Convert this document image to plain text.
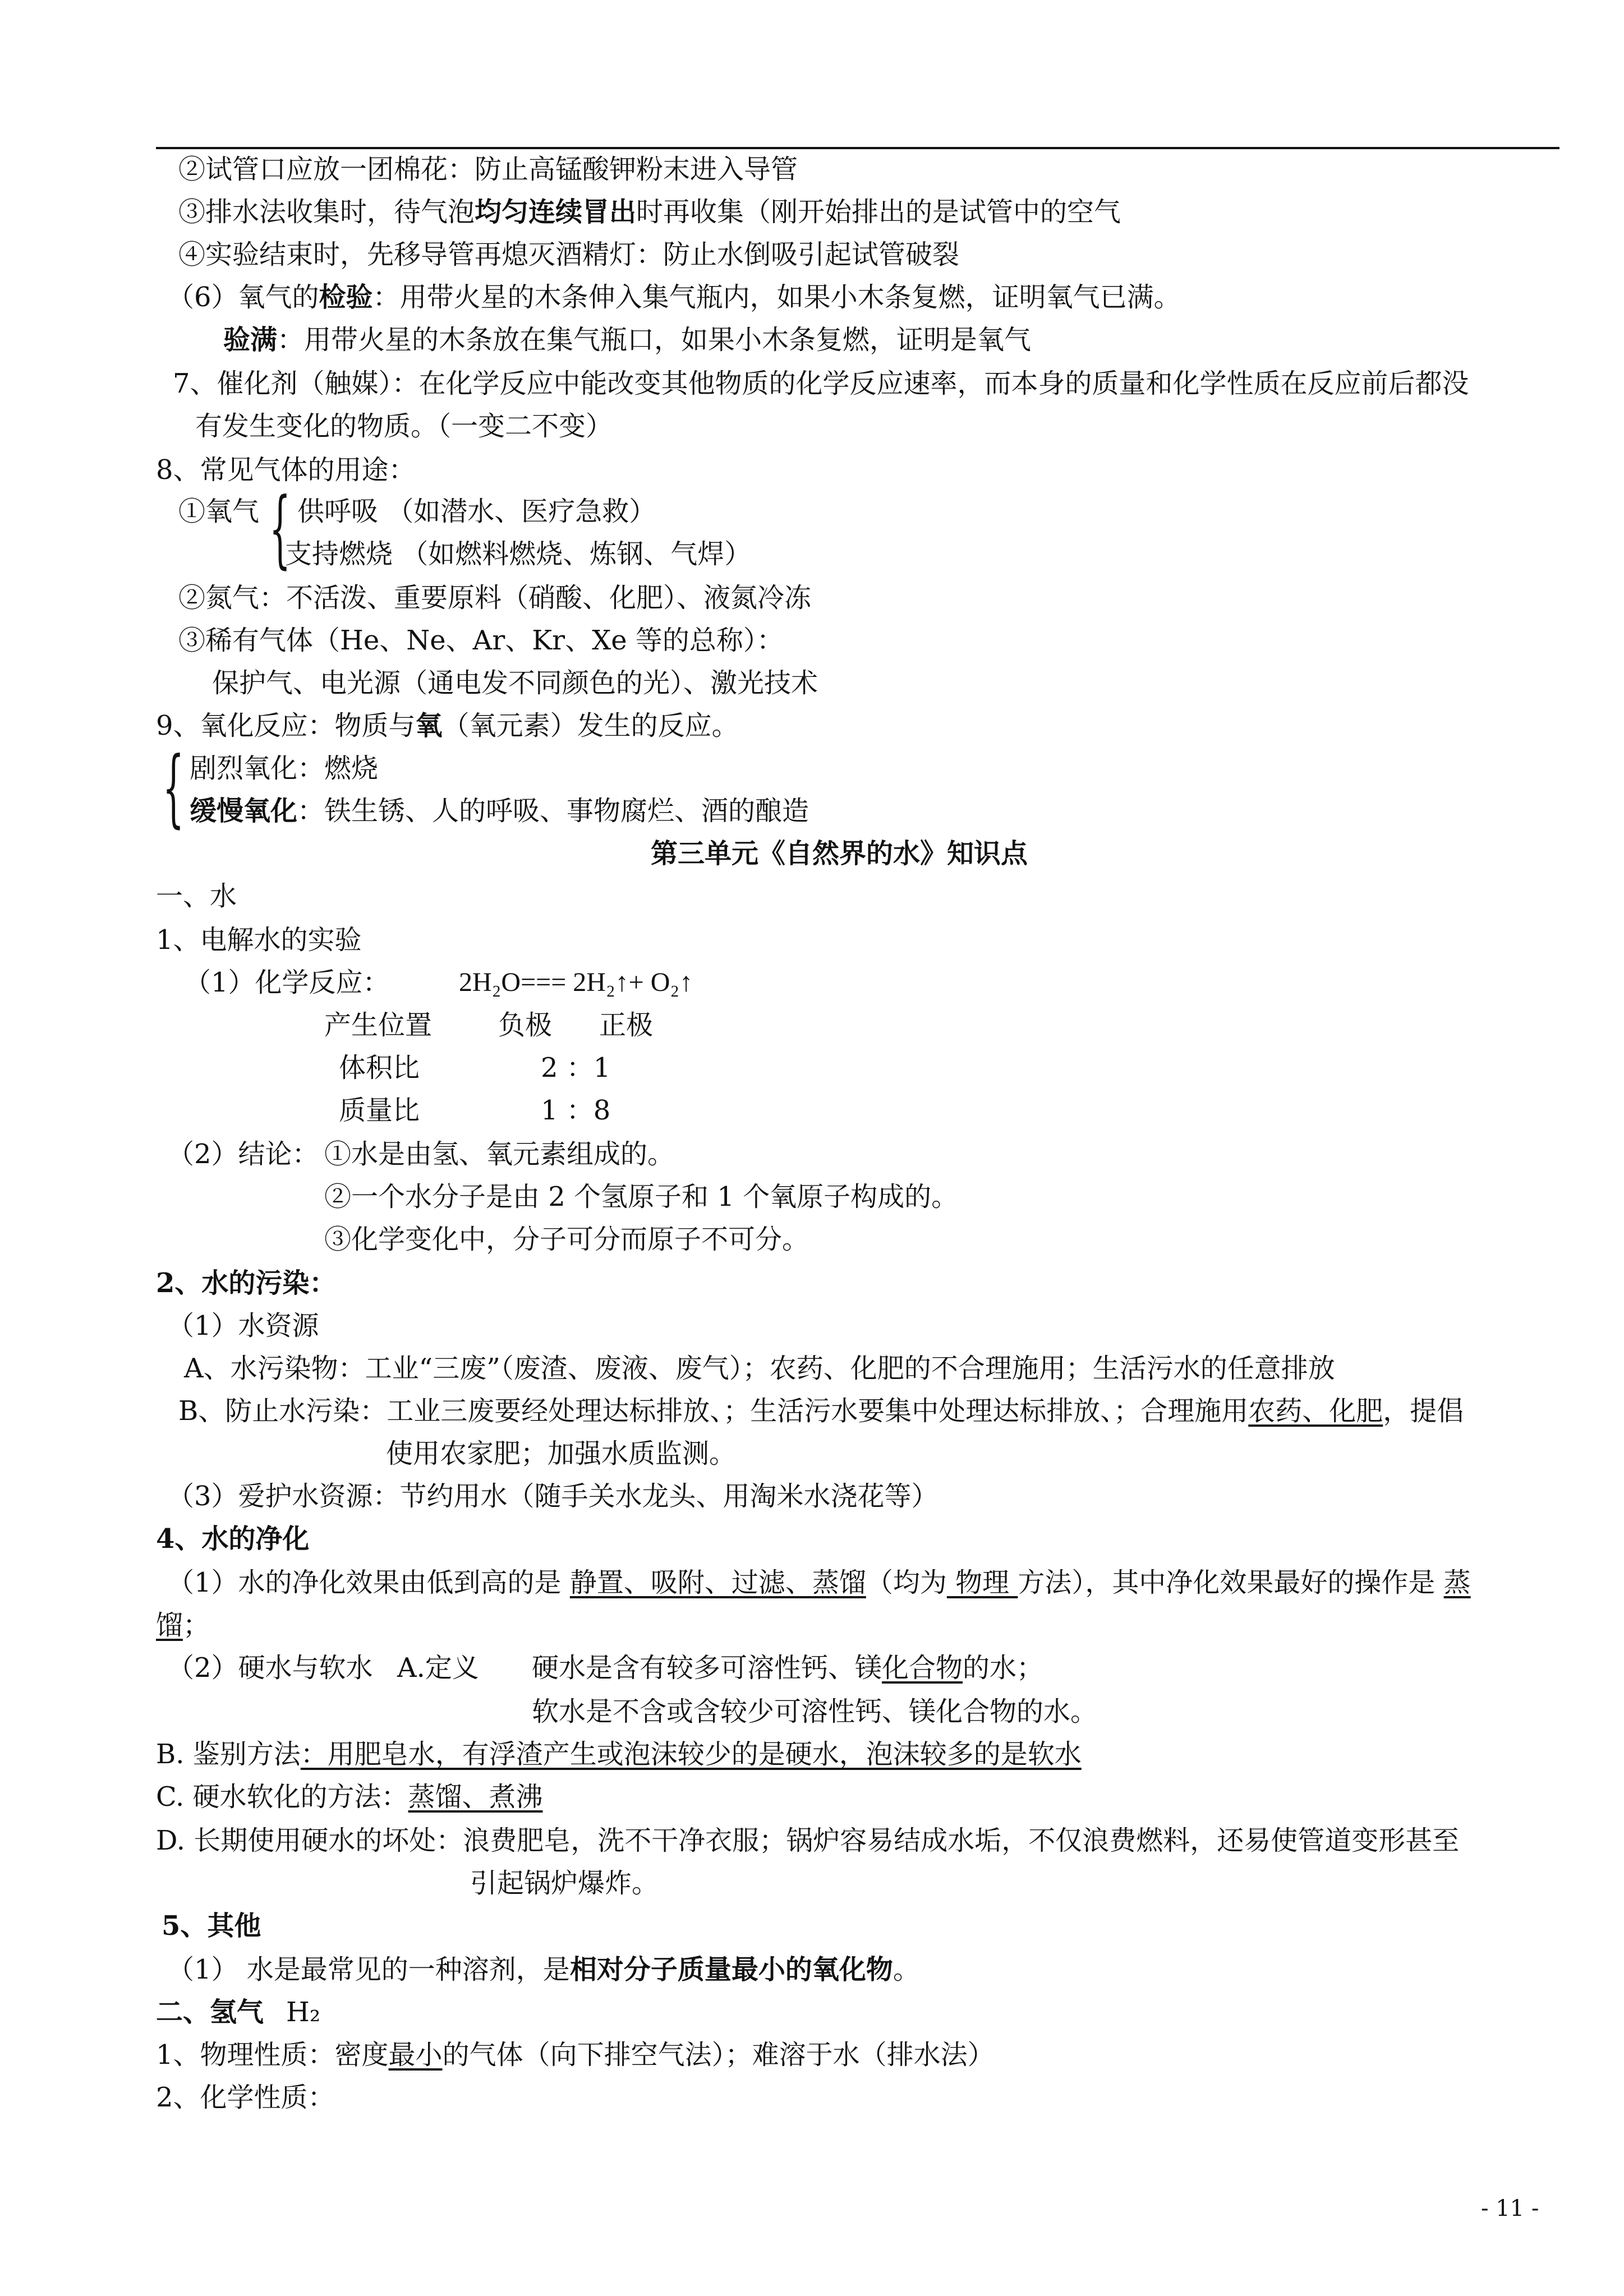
②试管口应放一团棉花：防止高锰酸钾粉末进入导管
③排水法收集时，待气泡均匀连续冒出时再收集（刚开始排出的是试管中的空气
④实验结束时，先移导管再熄灭酒精灯：防止水倒吸引起试管破裂
（6）氧气的检验：用带火星的木条伸入集气瓶内，如果小木条复燃，证明氧气已满。
验满：用带火星的木条放在集气瓶口，如果小木条复燃，证明是氧气
7、催化剂（触媒）：在化学反应中能改变其他物质的化学反应速率，而本身的质量和化学性质在反应前后都没
有发生变化的物质。（一变二不变）
8、常见气体的用途：
①氧气 { 供呼吸 （如潜水、医疗急救）
支持燃烧 （如燃料燃烧、炼钢、气焊）
②氮气：不活泼、重要原料（硝酸、化肥）、液氮冷冻
③稀有气体（He、Ne、Ar、Kr、Xe 等的总称）：
保护气、电光源（通电发不同颜色的光）、激光技术
9、氧化反应：物质与氧（氧元素）发生的反应。
{ 剧烈氧化：燃烧
缓慢氧化：铁生锈、人的呼吸、事物腐烂、酒的酿造
第三单元《自然界的水》知识点
一、水
1、电解水的实验
（1）化学反应：	2H₂O=== 2H₂↑+ O₂↑
产生位置 负极 正极
体积比	2 ：1
质量比	1 ：8
（2）结论： ①水是由氢、氧元素组成的。
②一个水分子是由 2 个氢原子和 1 个氧原子构成的。
③化学变化中，分子可分而原子不可分。
2、水的污染：
（1）水资源
A、水污染物：工业“三废”（废渣、废液、废气）；农药、化肥的不合理施用；生活污水的任意排放
B、防止水污染：工业三废要经处理达标排放、；生活污水要集中处理达标排放、；合理施用农药、化肥，提倡
使用农家肥；加强水质监测。
（3）爱护水资源：节约用水（随手关水龙头、用淘米水浇花等）
4、水的净化
（1）水的净化效果由低到高的是 静置、吸附、过滤、蒸馏（均为 物理 方法），其中净化效果最好的操作是 蒸
馏；
（2）硬水与软水 A.定义 硬水是含有较多可溶性钙、镁化合物的水；
软水是不含或含较少可溶性钙、镁化合物的水。
B. 鉴别方法：用肥皂水，有浮渣产生或泡沫较少的是硬水，泡沫较多的是软水
C. 硬水软化的方法：蒸馏、煮沸
D. 长期使用硬水的坏处：浪费肥皂，洗不干净衣服；锅炉容易结成水垢，不仅浪费燃料，还易使管道变形甚至
引起锅炉爆炸。
5、其他
（1） 水是最常见的一种溶剂，是相对分子质量最小的氧化物。
二、氢气 H₂
1、物理性质：密度最小的气体（向下排空气法）；难溶于水（排水法）
2、化学性质：
- 11 -
